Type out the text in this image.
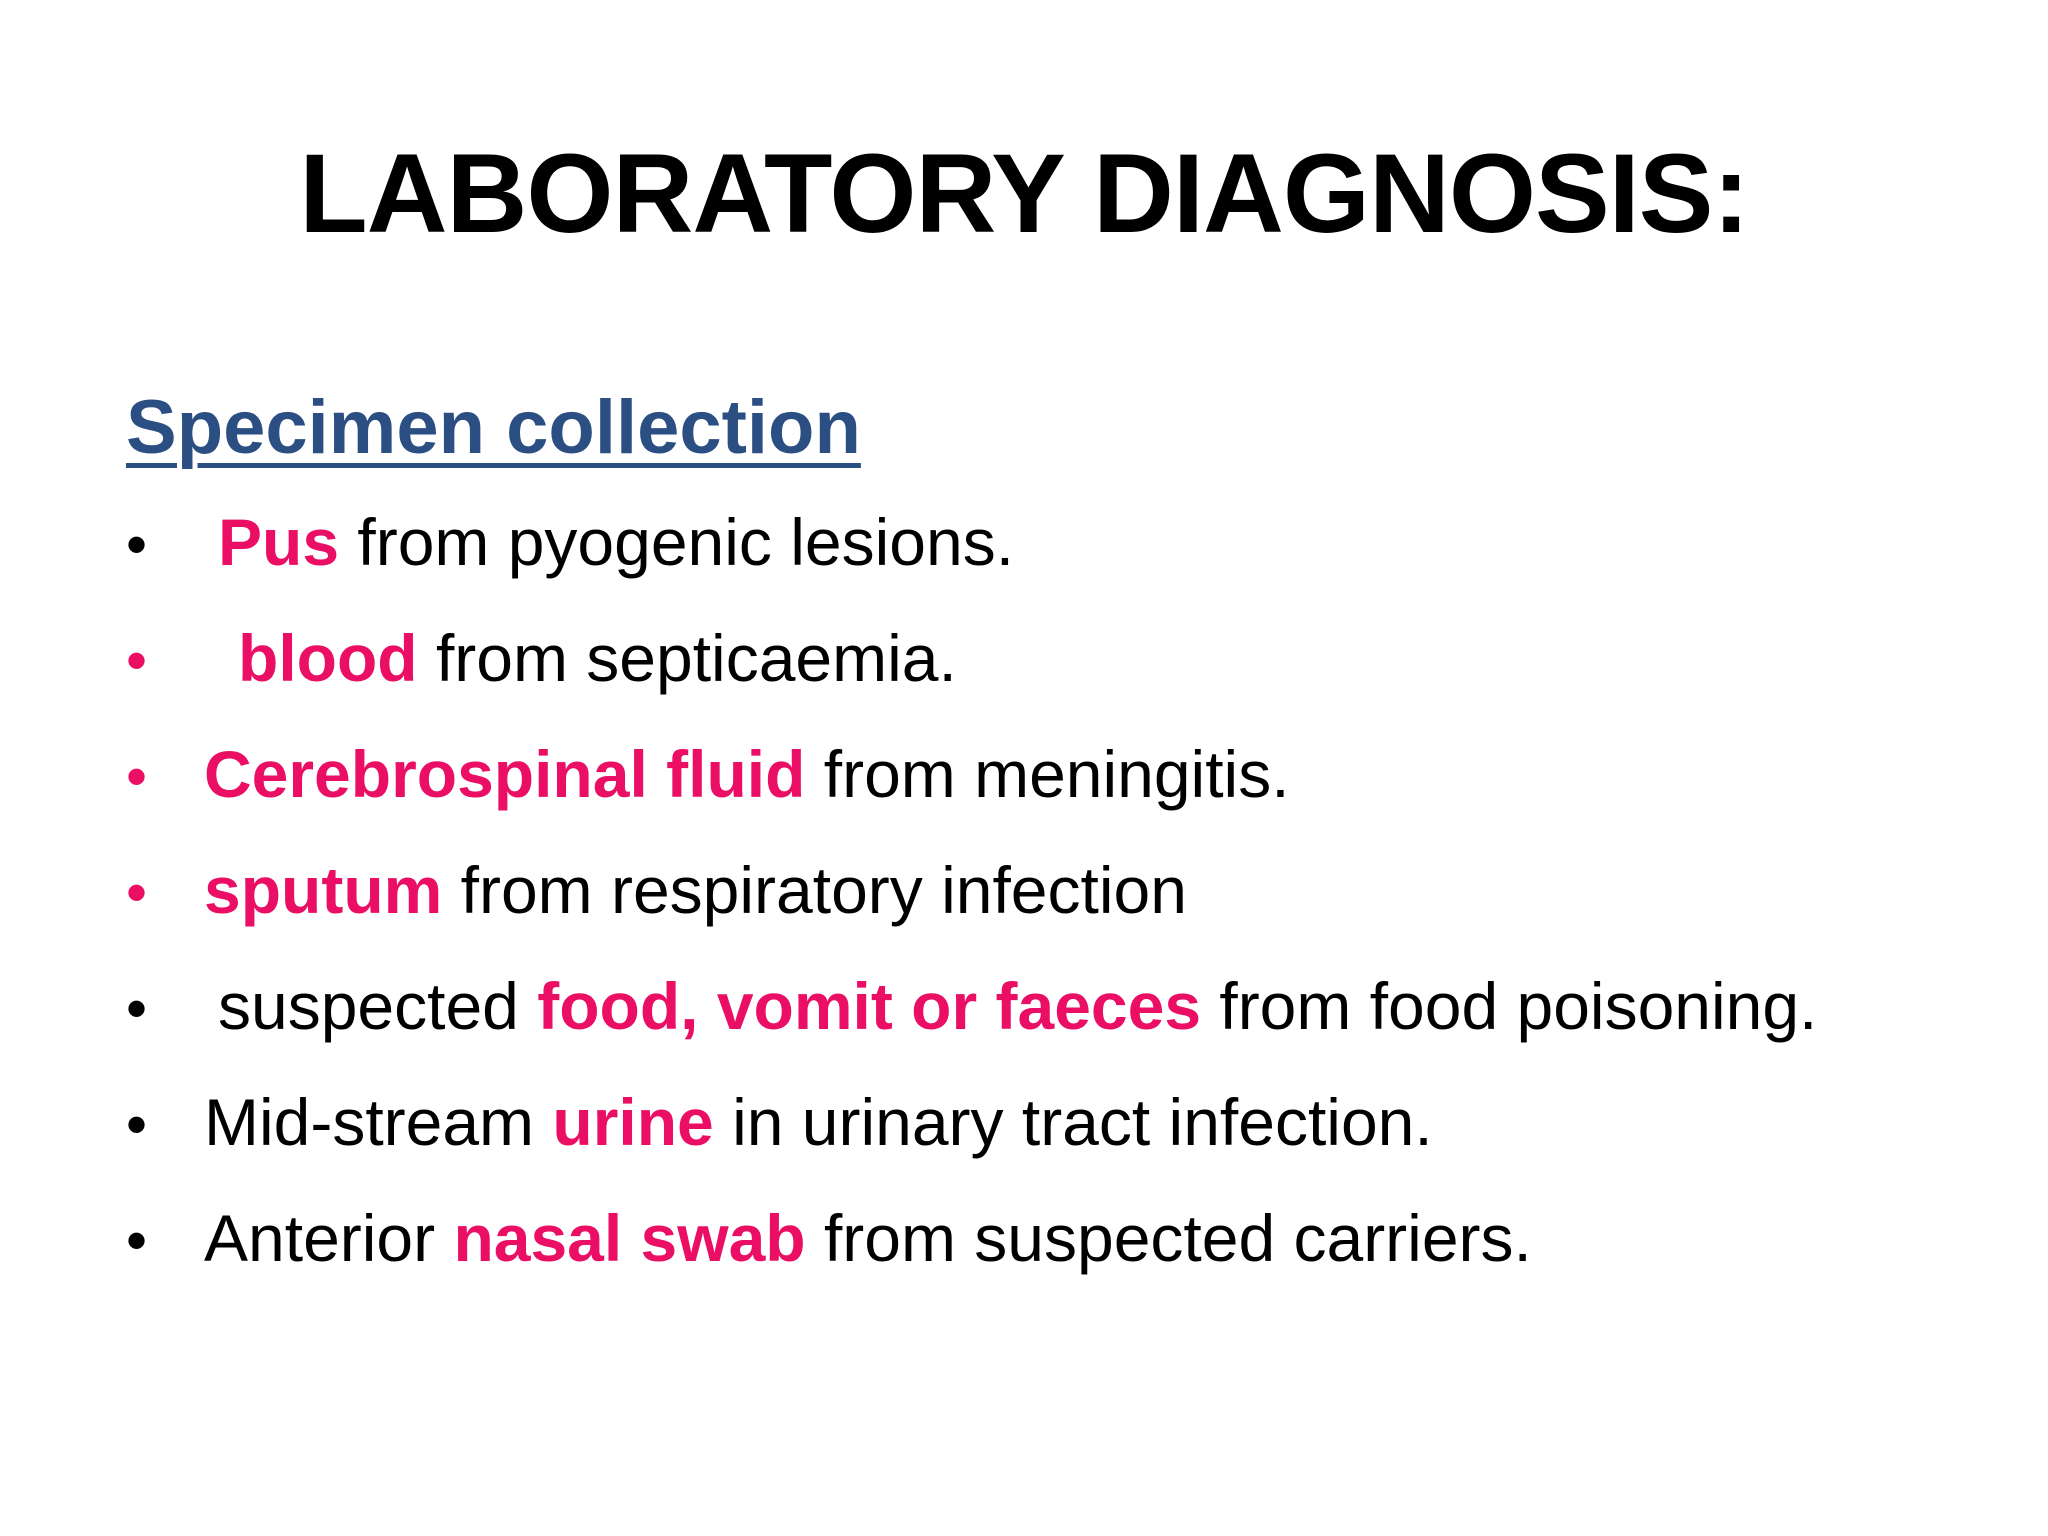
LABORATORY DIAGNOSIS:
Specimen collection
•	Pus from pyogenic lesions.
•	blood from septicaemia.
• Cerebrospinal fluid from meningitis.
• sputum from respiratory infection
•	suspected food, vomit or faeces from food poisoning.
• Mid-stream urine in urinary tract infection.
• Anterior nasal swab from suspected carriers.
